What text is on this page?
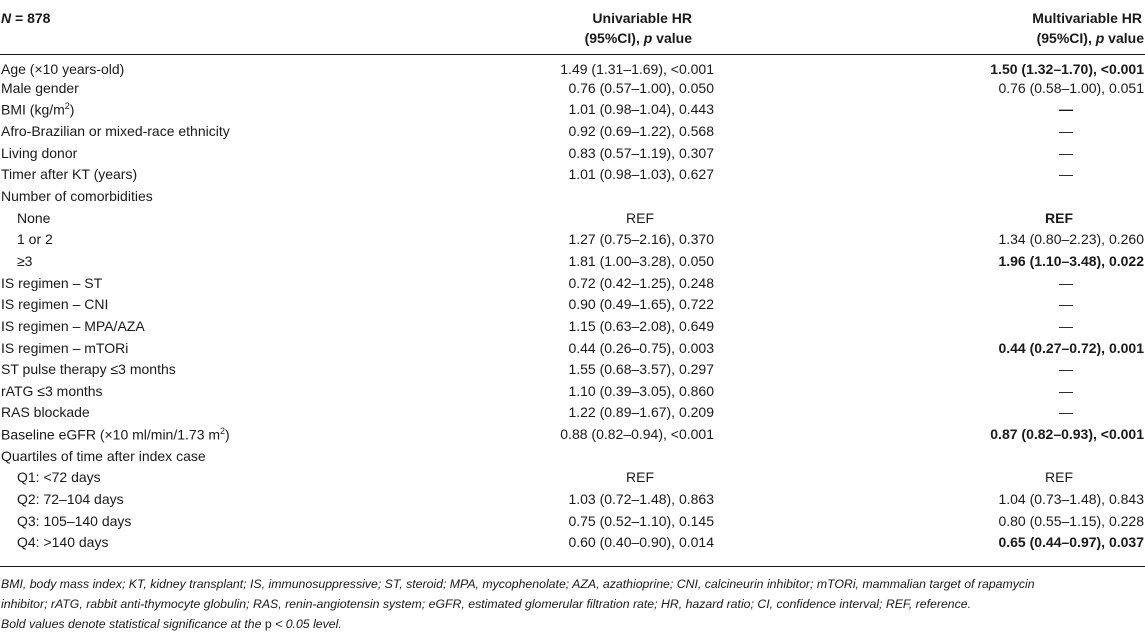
N = 878	Univariable HR	Multivariable HR
	(95%CI), p value	(95%CI), p value
Age (×10 years-old)	1.49 (1.31–1.69), <0.001	1.50 (1.32–1.70), <0.001
Male gender	0.76 (0.57–1.00), 0.050	0.76 (0.58–1.00), 0.051
BMI $(kg/m^2)$	1.01 (0.98–1.04), 0.443	—
Afro-Brazilian or mixed-race ethnicity	0.92 (0.69–1.22), 0.568	—
Living donor	0.83 (0.57–1.19), 0.307	—
Timer after KT (years)	1.01 (0.98–1.03), 0.627	—
Number of comorbidities		
None	REF	REF
1 or 2	1.27 (0.75–2.16), 0.370	1.34 (0.80–2.23), 0.260
≥3	1.81 (1.00–3.28), 0.050	1.96 (1.10–3.48), 0.022
IS regimen – ST	0.72 (0.42–1.25), 0.248	—
IS regimen – CNI	0.90 (0.49–1.65), 0.722	—
IS regimen – MPA/AZA	1.15 (0.63–2.08), 0.649	—
IS regimen – mTORi	0.44 (0.26–0.75), 0.003	0.44 (0.27–0.72), 0.001
ST pulse therapy ≤3 months	1.55 (0.68–3.57), 0.297	—
rATG ≤3 months	1.10 (0.39–3.05), 0.860	—
RAS blockade	1.22 (0.89–1.67), 0.209	—
Baseline eGFR (×10 ml/min/1.73 $m^2$)	0.88 (0.82–0.94), <0.001	0.87 (0.82–0.93), <0.001
Quartiles of time after index case		
Q1: <72 days	REF	REF
Q2: 72–104 days	1.03 (0.72–1.48), 0.863	1.04 (0.73–1.48), 0.843
Q3: 105–140 days	0.75 (0.52–1.10), 0.145	0.80 (0.55–1.15), 0.228
Q4: >140 days	0.60 (0.40–0.90), 0.014	0.65 (0.44–0.97), 0.037

BMI, body mass index; KT, kidney transplant; IS, immunosuppressive; ST, steroid; MPA, mycophenolate; AZA, azathioprine; CNI, calcineurin inhibitor; mTORi, mammalian target of rapamycin

inhibitor; rATG, rabbit anti-thymocyte globulin; RAS, renin-angiotensin system; eGFR, estimated glomerular filtration rate; HR, hazard ratio; CI, confidence interval; REF, reference.

Bold values denote statistical significance at the p < 0.05 level.
